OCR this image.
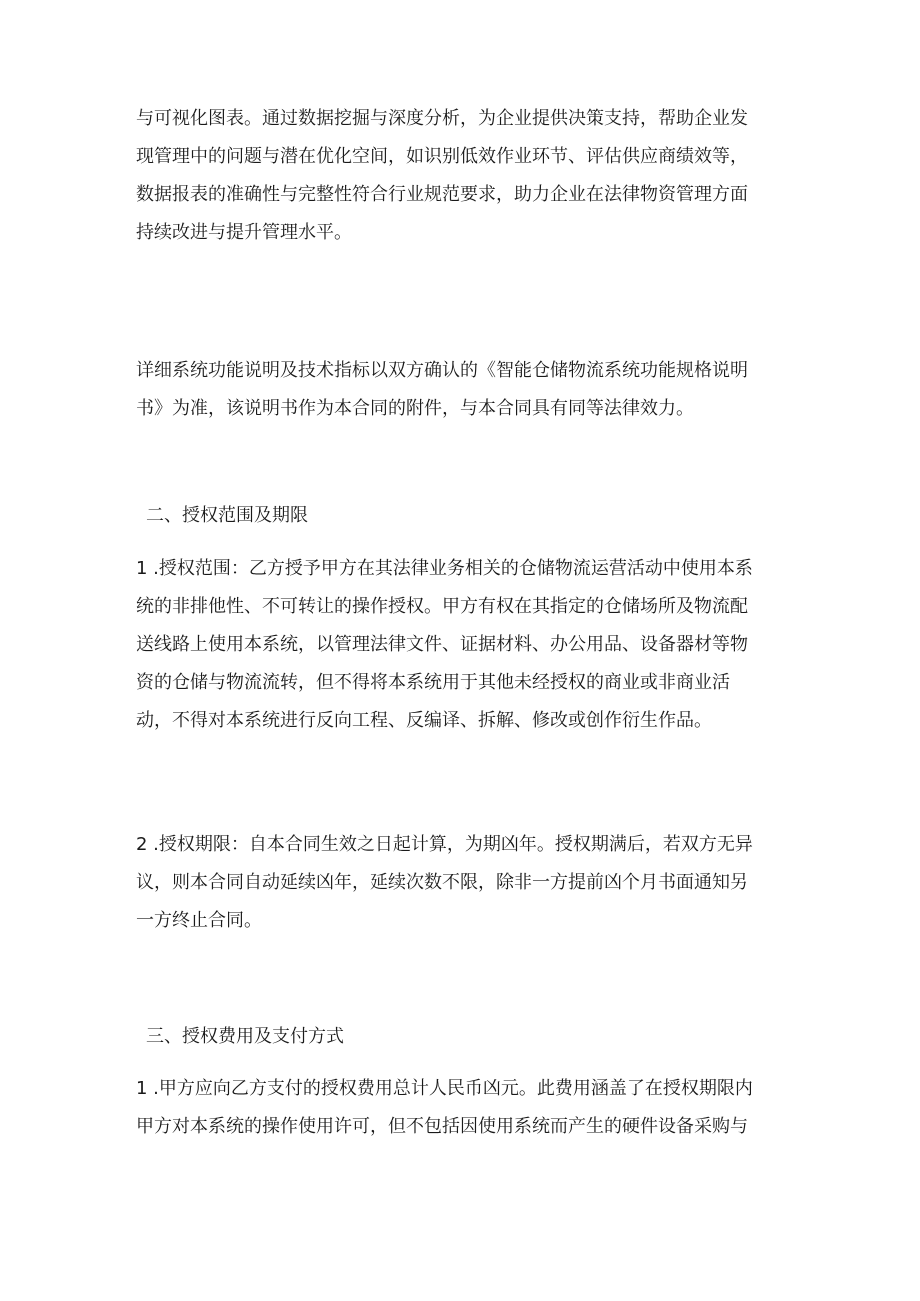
与可视化图表。通过数据挖掘与深度分析，为企业提供决策支持，帮助企业发
现管理中的问题与潜在优化空间，如识别低效作业环节、评估供应商绩效等，
数据报表的准确性与完整性符合行业规范要求，助力企业在法律物资管理方面
持续改进与提升管理水平。
详细系统功能说明及技术指标以双方确认的《智能仓储物流系统功能规格说明
书》为准，该说明书作为本合同的附件，与本合同具有同等法律效力。
二、授权范围及期限
1 .授权范围：乙方授予甲方在其法律业务相关的仓储物流运营活动中使用本系
统的非排他性、不可转让的操作授权。甲方有权在其指定的仓储场所及物流配
送线路上使用本系统，以管理法律文件、证据材料、办公用品、设备器材等物
资的仓储与物流流转，但不得将本系统用于其他未经授权的商业或非商业活
动，不得对本系统进行反向工程、反编译、拆解、修改或创作衍生作品。
2 .授权期限：自本合同生效之日起计算，为期凶年。授权期满后，若双方无异
议，则本合同自动延续凶年，延续次数不限，除非一方提前凶个月书面通知另
一方终止合同。
三、授权费用及支付方式
1 .甲方应向乙方支付的授权费用总计人民币凶元。此费用涵盖了在授权期限内
甲方对本系统的操作使用许可，但不包括因使用系统而产生的硬件设备采购与
